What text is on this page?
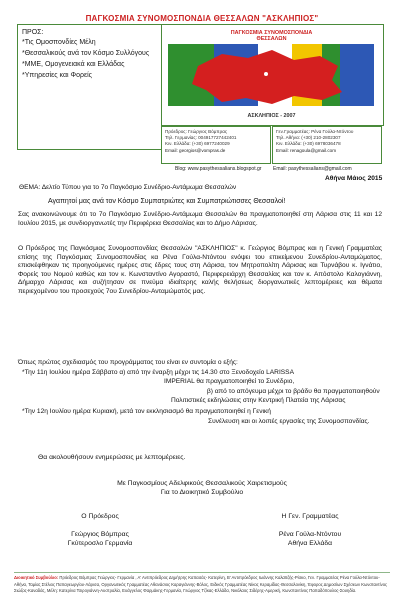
ΠΑΓΚΟΣΜΙΑ ΣΥΝΟΜΟΣΠΟΝΔΙΑ ΘΕΣΣΑΛΩΝ "ΑΣΚΛΗΠΙΟΣ"
ΠΡΟΣ:
*Τις Ομοσπονδίες Μέλη
*Θεσσαλικούς ανά τον Κόσμο Συλλόγους
*ΜΜΕ, Ομογενειακά και Ελλάδας
*Υπηρεσίες και Φορείς
ΠΑΓΚΟΣΜΙΑ ΣΥΝΟΜΟΣΠΟΝΔΙΑ
ΘΕΣΣΑΛΩΝ
ΑΣΚΛΗΠΙΟΣ - 2007
Πρόεδρος: Γεώργιος Βόμπρας
Τηλ. Γερμανίας: 004917727442401
Κιν. Ελλάδα: (+30) 6977240029
Email: georgios@vompras.de
Γεν.Γραμματέας: Ρένα Γούλα-Ντόντου
Τηλ. Αθήνα: (+30) 210-2802307
Κιν. Ελλάδα: (+30) 6978036478
Email: renagoula@gmail.com
Blog: www.pasythessalians.blogspot.gr Email: pasythessalians@gmail.com
Αθήνα Μάιος 2015
ΘΕΜΑ: Δελτίο Τύπου για το 7ο Παγκόσμιο Συνέδριο-Αντάμωμα Θεσσαλών
Αγαπητοί μας ανά τον Κόσμο Συμπατριώτες και Συμπατριώτισσες Θεσσαλοί!
Σας ανακοινώνουμε ότι το 7ο Παγκόσμιο Συνέδριο-Αντάμωμα Θεσσαλών θα πραγματοποιηθεί στη Λάρισα στις 11 και 12 Ιουλίου 2015, με συνδιοργανωτές την Περιφέρεια Θεσσαλίας και το Δήμο Λάρισας.
Ο Πρόεδρος της Παγκόσμιας Συνομοσπονδίας Θεσσαλών "ΑΣΚΛΗΠΙΟΣ" κ. Γεώργιος Βόμπρας και η Γενική Γραμματέας επίσης της Παγκόσμιας Συνομοσπονδίας κα Ρένα Γούλα-Ντόντου ενόψει του επικείμενου Συνεδρίου-Ανταμώματος, επισκέφθηκαν τις προηγούμενες ημέρες στις έδρες τους στη Λάρισα, τον Μητροπολίτη Λάρισας και Τυρνάβου κ. Ιγνάτιο, Φορείς του Νομού καθώς και τον κ. Κωνσταντίνο Αγοραστό, Περιφερειάρχη Θεσσαλίας και τον κ. Απόστολο Καλογιάννη, Δήμαρχο Λάρισας και συζήτησαν σε πνεύμα ιδιαίτερης καλής θελήσεως διοργανωτικές λεπτομέρειες και θέματα περιεχομένου του προσεχούς 7ου Συνεδρίου-Ανταμώματός μας.
Όπως πρώτος σχεδιασμός του προγράμματος του είναι εν συντομία ο εξής:
*Την 11η Ιουλίου ημέρα Σάββατο α) από την έναρξη μέχρι τις 14.30 στο Ξενοδοχείο LARISSA
IMPERIAL θα πραγματοποιηθεί το Συνέδριο,
β) από το απόγευμα μέχρι το βράδυ θα πραγματοποιηθούν
Πολιτιστικές εκδηλώσεις στην Κεντρική Πλατεία της Λάρισας
*Την 12η Ιουλίου ημέρα Κυριακή, μετά τον εκκλησιασμό θα πραγματοποιηθεί η Γενική
Συνέλευση και οι λοιπές εργασίες της Συνομοσπονδίας.
Θα ακολουθήσουν ενημερώσεις με λεπτομέρειες.
Με Παγκοσμίους Αδελφικούς Θεσσαλικούς Χαιρετισμούς
Για το Διοικητικό Συμβούλιο
Ο Πρόεδρος
Γεώργιος Βόμπρας
Γκύτεροσλο Γερμανία
Η Γεν. Γραμματέας
Ρένα Γούλα-Ντόντου
Αθήνα Ελλάδα
Διοικητικό Συμβούλιο: Πρόεδρος Βόμπρας Γεώργιος- Γερμανία , Α' Αντιπρόεδρος Δημήτρης Καπασάς- Κατερίνη, Β' Αντιπρόεδρος Ιωάννης Καλαϊτζής-Ρίσκο, Γεν. Γραμματέας Ρένα Γούλα-Ντόντου-Αθήνα, Ταμίας Στέλιος Παπαγεωργίου-Λάρισα, Οργανωτικός Γραμματέας Αθανάσιος Καραγιάννης-Βόλος, Ειδικός Γραμματέας Νίκος Κεραμίδας-Θεσσαλονίκη, Έφορος Δημοσίων Σχέσεων Κωνσταντίνος Σιώζος-Καναδάς, Μέλη: Κατερίνα Τσιρογιάννη-Αυστραλία, Ευάγγελος Φαρμάκης-Γερμανία, Γεώργιος Τζίκας-Ελλάδα, Νικόλαος Σιδέρης-Αμερική, Κωνσταντίνος Παπαδόπουλος-Σουηδία.
